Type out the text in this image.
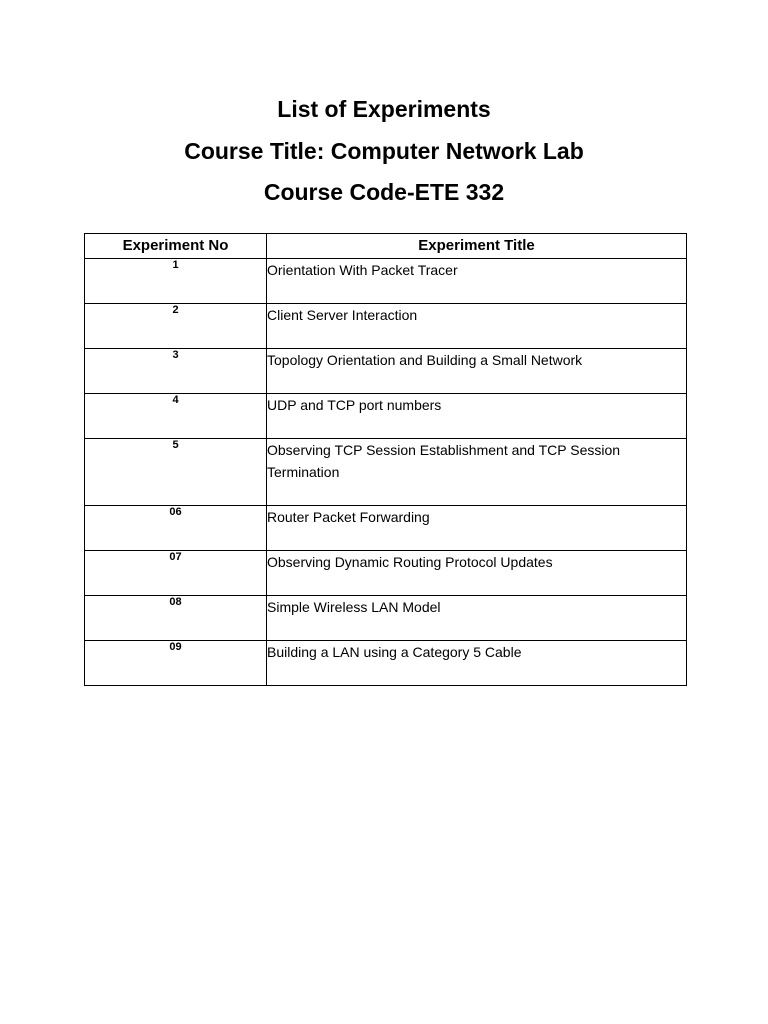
List of Experiments
Course Title: Computer Network Lab
Course Code-ETE 332
Experiment No	Experiment Title
1	Orientation With Packet Tracer
2	Client Server Interaction
3	Topology Orientation and Building a Small Network
4	UDP and TCP port numbers
5	Observing TCP Session Establishment and TCP Session Termination
06	Router Packet Forwarding
07	Observing Dynamic Routing Protocol Updates
08	Simple Wireless LAN Model
09	Building a LAN using a Category 5 Cable
